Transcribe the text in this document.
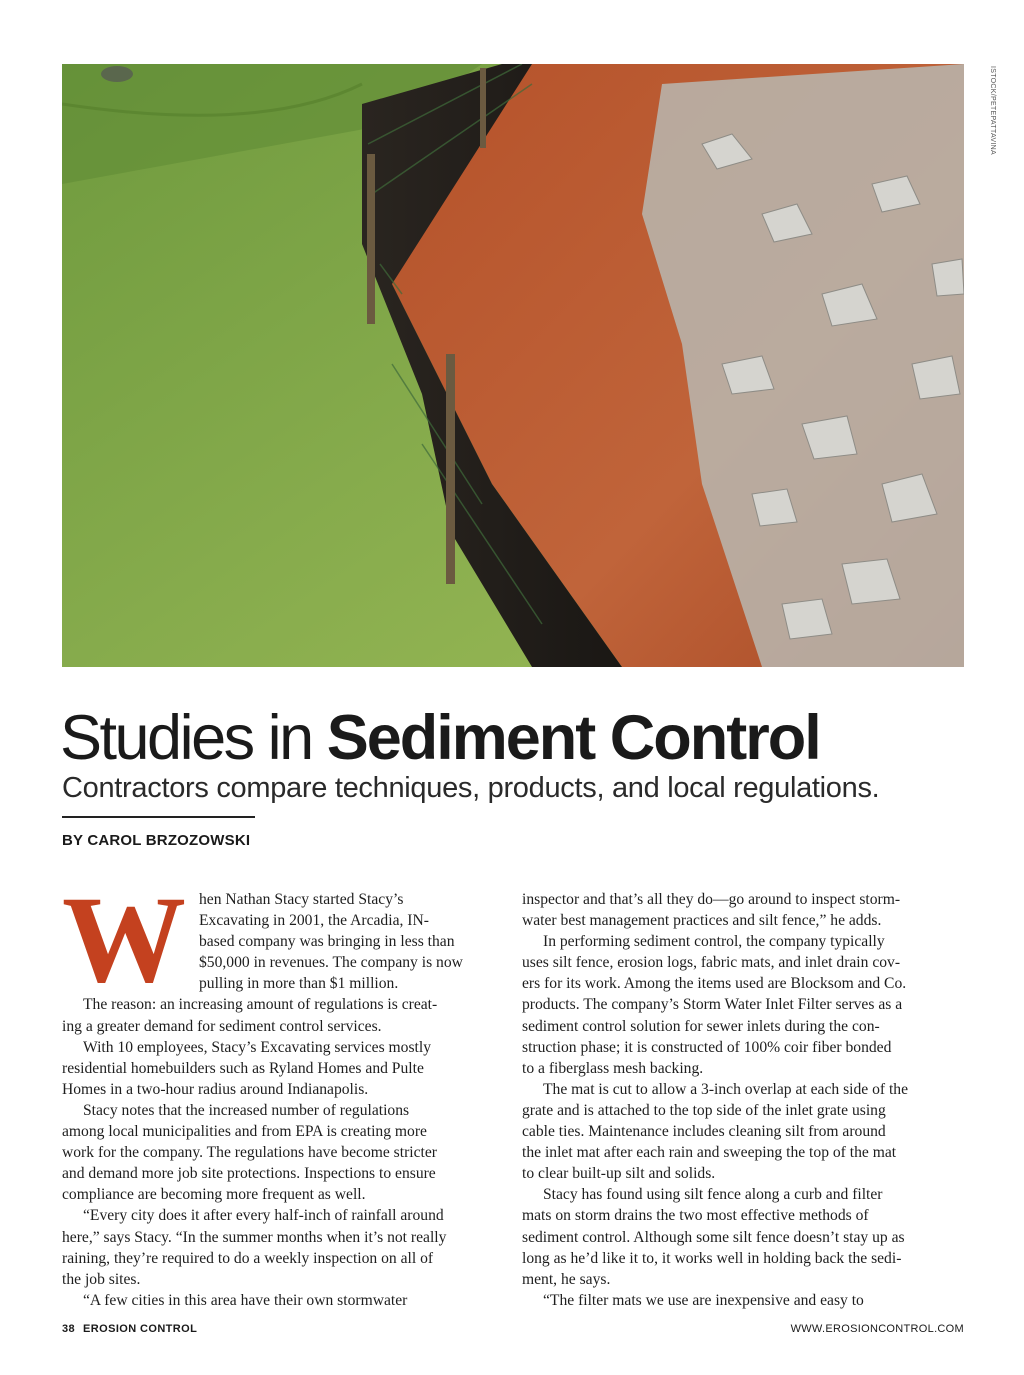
ISTOCK/PETEPATTAVINA
Studies in Sediment Control
Contractors compare techniques, products, and local regulations.
BY CAROL BRZOZOWSKI
W hen Nathan Stacy started Stacy’s
Excavating in 2001, the Arcadia, IN-
based company was bringing in less than
$50,000 in revenues. The company is now
pulling in more than $1 million.
The reason: an increasing amount of regulations is creat-
ing a greater demand for sediment control services.
With 10 employees, Stacy’s Excavating services mostly
residential homebuilders such as Ryland Homes and Pulte
Homes in a two-hour radius around Indianapolis.
Stacy notes that the increased number of regulations
among local municipalities and from EPA is creating more
work for the company. The regulations have become stricter
and demand more job site protections. Inspections to ensure
compliance are becoming more frequent as well.
“Every city does it after every half-inch of rainfall around
here,” says Stacy. “In the summer months when it’s not really
raining, they’re required to do a weekly inspection on all of
the job sites.
“A few cities in this area have their own stormwater
inspector and that’s all they do—go around to inspect storm-
water best management practices and silt fence,” he adds.
In performing sediment control, the company typically
uses silt fence, erosion logs, fabric mats, and inlet drain cov-
ers for its work. Among the items used are Blocksom and Co.
products. The company’s Storm Water Inlet Filter serves as a
sediment control solution for sewer inlets during the con-
struction phase; it is constructed of 100% coir fiber bonded
to a fiberglass mesh backing.
The mat is cut to allow a 3-inch overlap at each side of the
grate and is attached to the top side of the inlet grate using
cable ties. Maintenance includes cleaning silt from around
the inlet mat after each rain and sweeping the top of the mat
to clear built-up silt and solids.
Stacy has found using silt fence along a curb and filter
mats on storm drains the two most effective methods of
sediment control. Although some silt fence doesn’t stay up as
long as he’d like it to, it works well in holding back the sedi-
ment, he says.
“The filter mats we use are inexpensive and easy to
38 EROSION CONTROL	WWW.EROSIONCONTROL.COM
